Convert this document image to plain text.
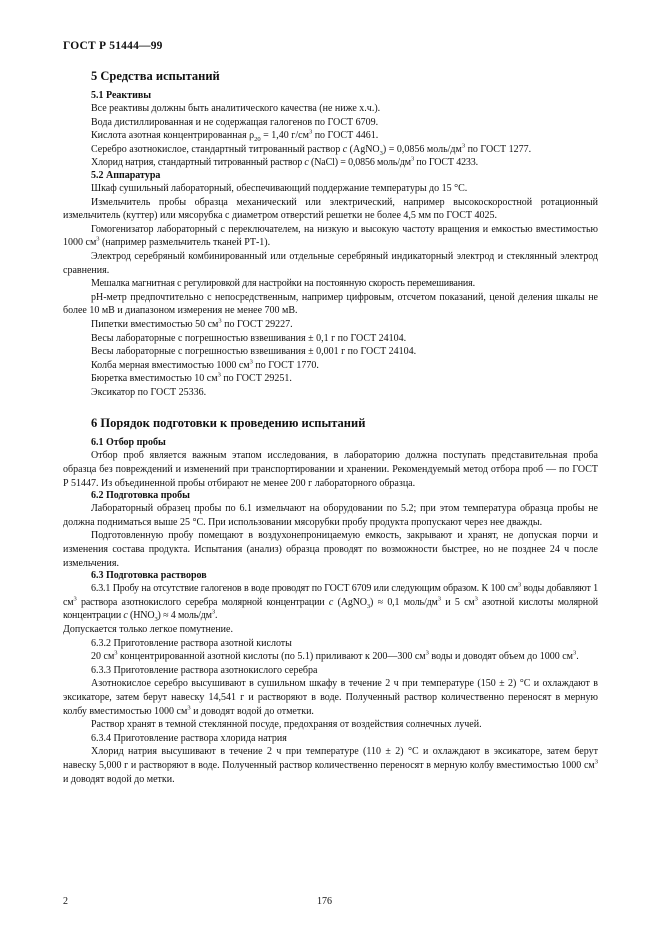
ГОСТ Р 51444—99
5 Средства испытаний
5.1 Реактивы

Все реактивы должны быть аналитического качества (не ниже х.ч.).

Вода дистиллированная и не содержащая галогенов по ГОСТ 6709.

Кислота азотная концентрированная $\rho_{20} = 1,40$ $г/см^3$ по ГОСТ 4461.

Серебро азотнокислое, стандартный титрованный раствор c (AgNO$_3$) = 0,0856 моль/$дм^3$ по ГОСТ 1277.

Хлорид натрия, стандартный титрованный раствор c (NaCl) = 0,0856 моль/$дм^3$ по ГОСТ 4233.

5.2 Аппаратура

Шкаф сушильный лабораторный, обеспечивающий поддержание температуры до 15 °С.

Измельчитель пробы образца механический или электрический, например высокоскоростной ротационный измельчитель (куттер) или мясорубка с диаметром отверстий решетки не более 4,5 мм по ГОСТ 4025.

Гомогенизатор лабораторный с переключателем, на низкую и высокую частоту вращения и емкостью вместимостью 1000 $см^3$ (например размельчитель тканей РТ-1).

Электрод серебряный комбинированный или отдельные серебряный индикаторный электрод и стеклянный электрод сравнения.

Мешалка магнитная с регулировкой для настройки на постоянную скорость перемешивания.

pH-метр предпочтительно с непосредственным, например цифровым, отсчетом показаний, ценой деления шкалы не более 10 мВ и диапазоном измерения не менее 700 мВ.

Пипетки вместимостью 50 $см^3$ по ГОСТ 29227.

Весы лабораторные с погрешностью взвешивания ± 0,1 г по ГОСТ 24104.

Весы лабораторные с погрешностью взвешивания ± 0,001 г по ГОСТ 24104.

Колба мерная вместимостью 1000 $см^3$ по ГОСТ 1770.

Бюретка вместимостью 10 $см^3$ по ГОСТ 29251.

Эксикатор по ГОСТ 25336.

6 Порядок подготовки к проведению испытаний
6.1 Отбор пробы

Отбор проб является важным этапом исследования, в лабораторию должна поступать представительная проба образца без повреждений и изменений при транспортировании и хранении. Рекомендуемый метод отбора проб — по ГОСТ Р 51447. Из объединенной пробы отбирают не менее 200 г лабораторного образца.

6.2 Подготовка пробы

Лабораторный образец пробы по 6.1 измельчают на оборудовании по 5.2; при этом температура образца пробы не должна подниматься выше 25 °С. При использовании мясорубки пробу продукта пропускают через нее дважды.

Подготовленную пробу помещают в воздухонепроницаемую емкость, закрывают и хранят, не допуская порчи и изменения состава продукта. Испытания (анализ) образца проводят по возможности быстрее, но не позднее 24 ч после измельчения.

6.3 Подготовка растворов

6.3.1 Пробу на отсутствие галогенов в воде проводят по ГОСТ 6709 или следующим образом. К 100 $см^3$ воды добавляют 1 $см^3$ раствора азотнокислого серебра молярной концентрации c (AgNO$_3$) ≈ 0,1 моль/$дм^3$ и 5 $см^3$ азотной кислоты молярной концентрации c $(HNO_3) \approx 4$ моль/$дм^3$.

Допускается только легкое помутнение.

6.3.2 Приготовление раствора азотной кислоты

20 $см^3$ концентрированной азотной кислоты (по 5.1) приливают к 200—300 $см^3$ воды и доводят объем до 1000 $см^3$.

6.3.3 Приготовление раствора азотнокислого серебра

Азотнокислое серебро высушивают в сушильном шкафу в течение 2 ч при температуре (150 ± 2) °С и охлаждают в эксикаторе, затем берут навеску 14,541 г и растворяют в воде. Полученный раствор количественно переносят в мерную колбу вместимостью 1000 $см^3$ и доводят водой до отметки.

Раствор хранят в темной стеклянной посуде, предохраняя от воздействия солнечных лучей.

6.3.4 Приготовление раствора хлорида натрия

Хлорид натрия высушивают в течение 2 ч при температуре (110 ± 2) °С и охлаждают в эксикаторе, затем берут навеску 5,000 г и растворяют в воде. Полученный раствор количественно переносят в мерную колбу вместимостью 1000 $см^3$ и доводят водой до метки.

2	176
